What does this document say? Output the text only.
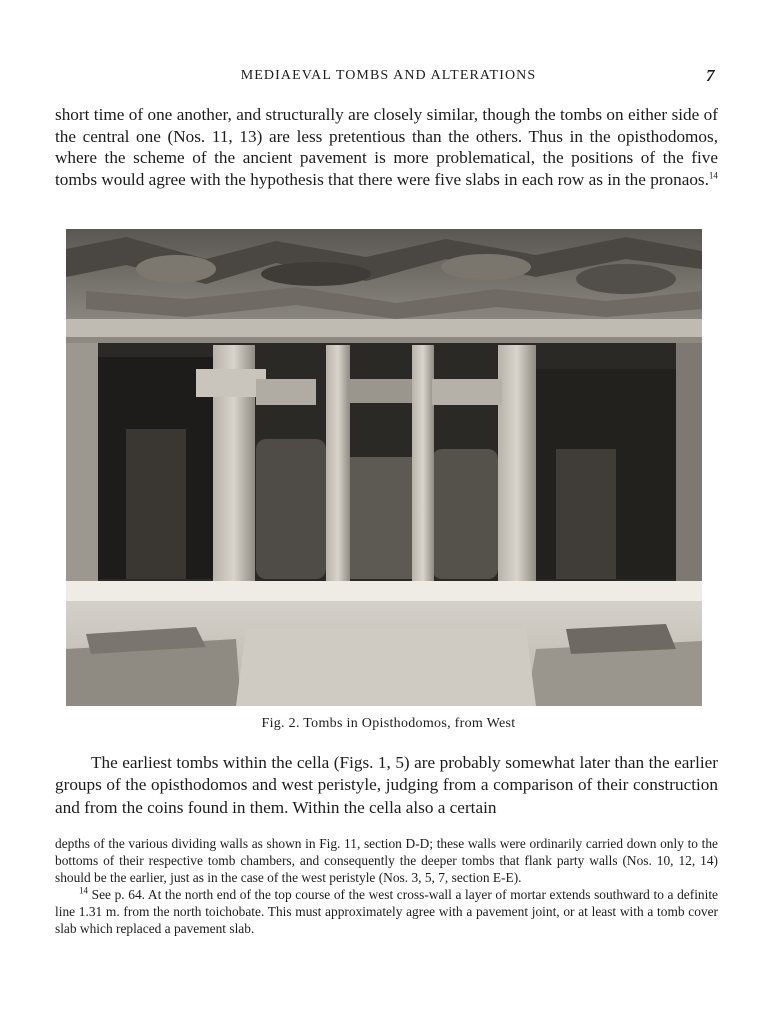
MEDIAEVAL TOMBS AND ALTERATIONS	7

short time of one another, and structurally are closely similar, though the tombs on either side of the central one (Nos. 11, 13) are less pretentious than the others. Thus in the opisthodomos, where the scheme of the ancient pavement is more problematical, the positions of the five tombs would agree with the hypothesis that there were five slabs in each row as in the pronaos.$^{14}$

Fig. 2. Tombs in Opisthodomos, from West

The earliest tombs within the cella (Figs. 1, 5) are probably somewhat later than the earlier groups of the opisthodomos and west peristyle, judging from a comparison of their construction and from the coins found in them. Within the cella also a certain

depths of the various dividing walls as shown in Fig. 11, section D-D; these walls were ordinarily carried down only to the bottoms of their respective tomb chambers, and consequently the deeper tombs that flank party walls (Nos. 10, 12, 14) should be the earlier, just as in the case of the west peristyle (Nos. 3, 5, 7, section E-E).

$^{14}$ See p. 64. At the north end of the top course of the west cross-wall a layer of mortar extends southward to a definite line 1.31 m. from the north toichobate. This must approximately agree with a pavement joint, or at least with a tomb cover slab which replaced a pavement slab.
